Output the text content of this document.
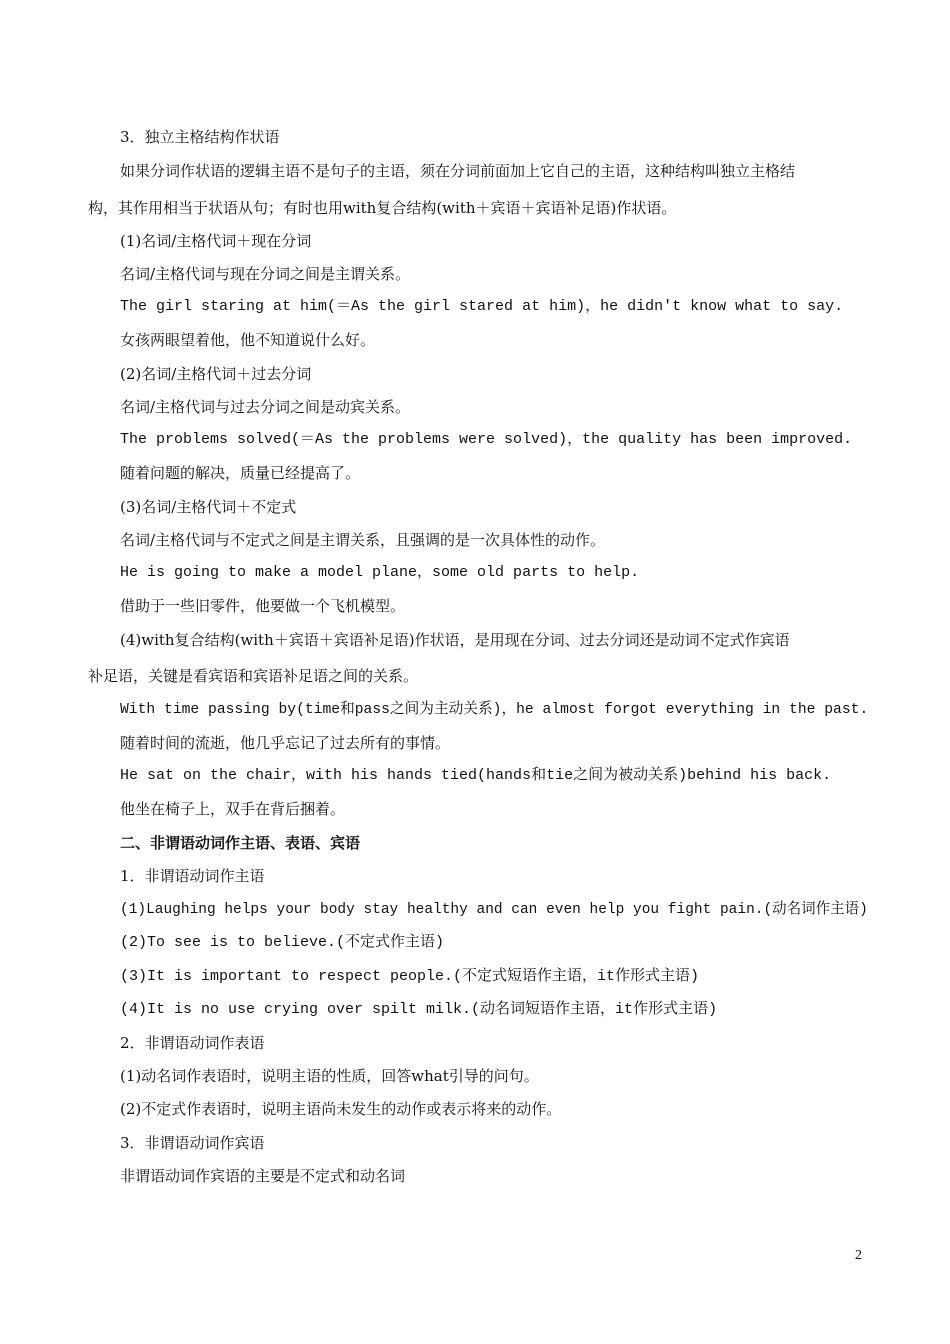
3．独立主格结构作状语
如果分词作状语的逻辑主语不是句子的主语，须在分词前面加上它自己的主语，这种结构叫独立主格结
构，其作用相当于状语从句；有时也用with复合结构(with＋宾语＋宾语补足语)作状语。
(1)名词/主格代词＋现在分词
名词/主格代词与现在分词之间是主谓关系。
The girl staring at him(＝As the girl stared at him)，he didn't know what to say.
女孩两眼望着他，他不知道说什么好。
(2)名词/主格代词＋过去分词
名词/主格代词与过去分词之间是动宾关系。
The problems solved(＝As the problems were solved)，the quality has been improved.
随着问题的解决，质量已经提高了。
(3)名词/主格代词＋不定式
名词/主格代词与不定式之间是主谓关系，且强调的是一次具体性的动作。
He is going to make a model plane，some old parts to help.
借助于一些旧零件，他要做一个飞机模型。
(4)with复合结构(with＋宾语＋宾语补足语)作状语，是用现在分词、过去分词还是动词不定式作宾语
补足语，关键是看宾语和宾语补足语之间的关系。
With time passing by(time和pass之间为主动关系)，he almost forgot everything in the past.
随着时间的流逝，他几乎忘记了过去所有的事情。
He sat on the chair，with his hands tied(hands和tie之间为被动关系)behind his back.
他坐在椅子上，双手在背后捆着。
二、非谓语动词作主语、表语、宾语
1．非谓语动词作主语
(1)Laughing helps your body stay healthy and can even help you fight pain.(动名词作主语)
(2)To see is to believe.(不定式作主语)
(3)It is important to respect people.(不定式短语作主语，it作形式主语)
(4)It is no use crying over spilt milk.(动名词短语作主语，it作形式主语)
2．非谓语动词作表语
(1)动名词作表语时，说明主语的性质，回答what引导的问句。
(2)不定式作表语时，说明主语尚未发生的动作或表示将来的动作。
3．非谓语动词作宾语
非谓语动词作宾语的主要是不定式和动名词
2
